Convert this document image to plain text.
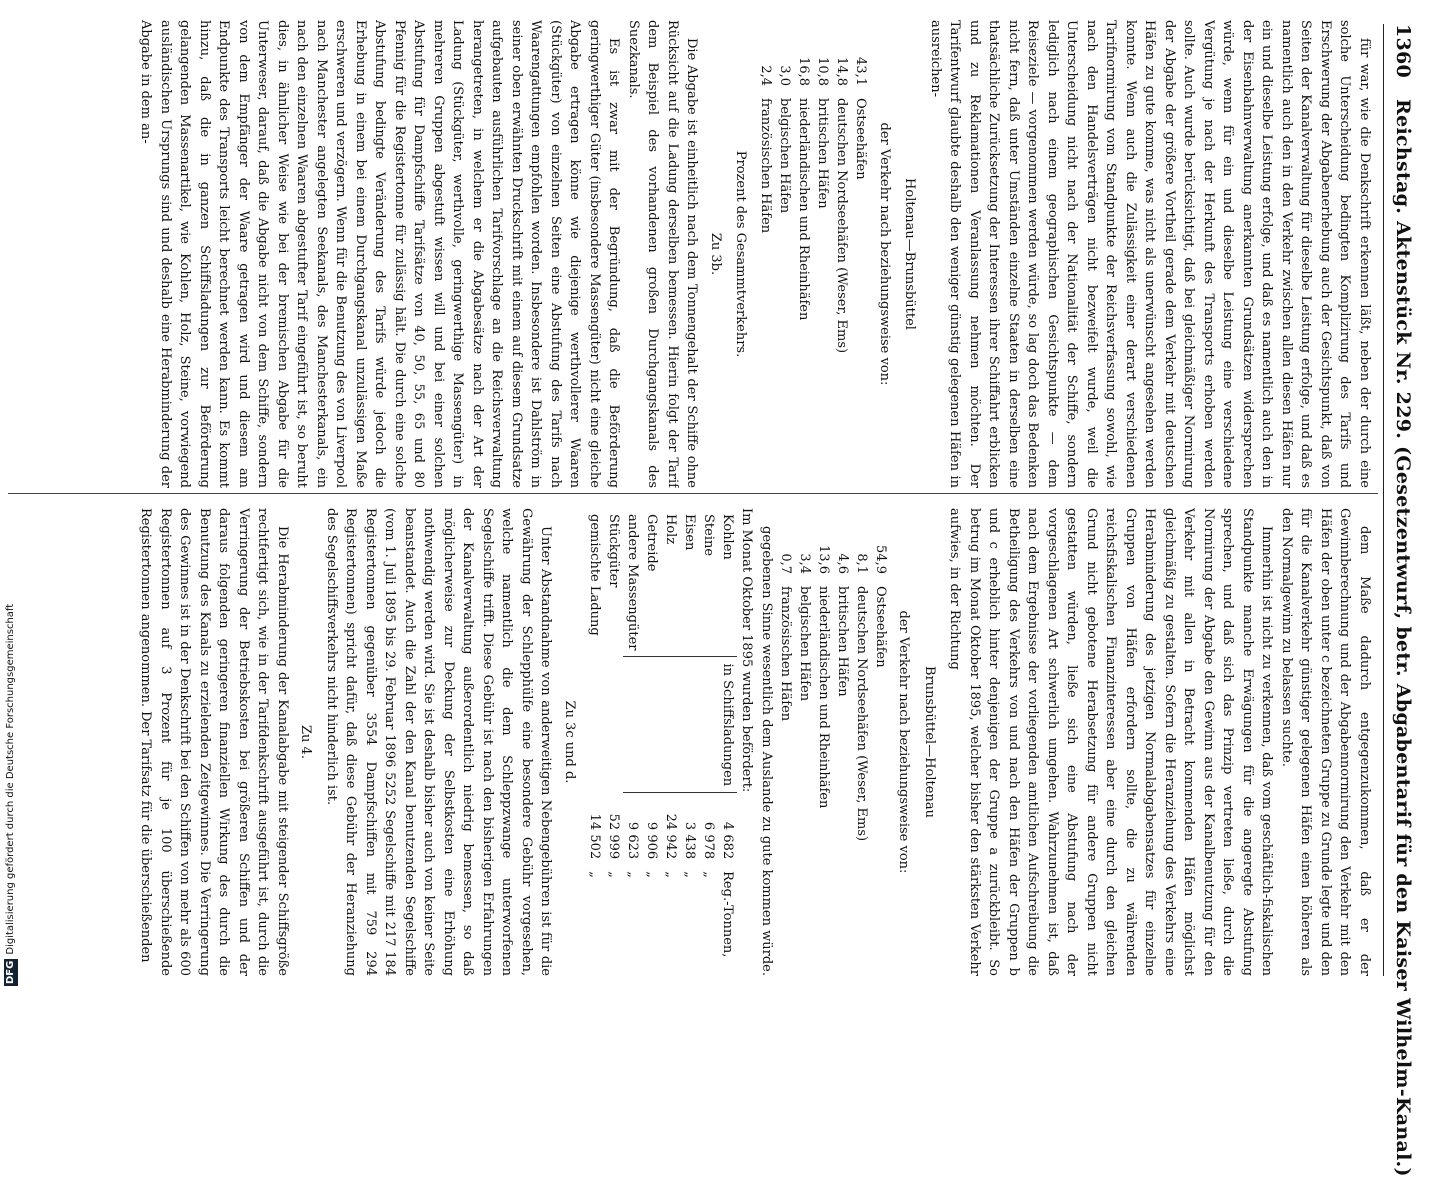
1360 Reichstag. Aktenstück Nr. 229. (Gesetzentwurf, betr. Abgabentarif für den Kaiser Wilhelm-Kanal.)

für war, wie die Denkschrift erkennen läßt, neben der durch eine solche Unterscheidung bedingten Komplizirung des Tarifs und Erschwerung der Abgabenerhebung auch der Gesichtspunkt, daß von Seiten der Kanalverwaltung für dieselbe Leistung erfolge, und daß es namentlich auch den in den Verkehr zwischen allen diesen Häfen nur ein und dieselbe Leistung erfolge, und daß es namentlich auch den in der Eisenbahnverwaltung anerkannten Grundsätzen widersprechen würde, wenn für ein und dieselbe Leistung eine verschiedene Vergütung je nach der Herkunft des Transports erhoben werden sollte. Auch wurde berücksichtigt, daß bei gleichmäßiger Normirung der Abgabe der größere Vortheil gerade dem Verkehr mit deutschen Häfen zu gute komme, was nicht als unerwünscht angesehen werden konnte. Wenn auch die Zulässigkeit einer derart verschiedenen Tarifnormirung vom Standpunkte der Reichsverfassung sowohl, wie nach den Handelsverträgen nicht bezweifelt wurde, weil die Unterscheidung nicht nach der Nationalität der Schiffe, sondern lediglich nach einem geographischen Gesichtspunkte — dem Reiseziele — vorgenommen werden würde, so lag doch das Bedenken nicht fern, daß unter Umständen einzelne Staaten in derselben eine thatsächliche Zurücksetzung der Interessen ihrer Schiffahrt erblicken und zu Reklamationen Veranlassung nehmen möchten. Der Tarifentwurf glaubte deshalb den weniger günstig gelegenen Häfen in ausreichen-

Holtenau—Brunsbüttel
der Verkehr nach beziehungsweise von:
43,1	Ostseehäfen
14,8	deutschen Nordseehäfen (Weser, Ems)
10,8	britischen Häfen
16,8	niederländischen und Rheinhäfen
3,0	belgischen Häfen
2,4	französischen Häfen
Prozent des Gesammtverkehrs.
Zu 3b.

Die Abgabe ist einheitlich nach dem Tonnengehalt der Schiffe ohne Rücksicht auf die Ladung derselben bemessen. Hierin folgt der Tarif dem Beispiel des vorhandenen großen Durchgangskanals des Suezkanals.

Es ist zwar mit der Begründung, daß die Beförderung geringwerthiger Güter (insbesondere Massengüter) nicht eine gleiche Abgabe ertragen könne wie diejenige werthvollerer Waaren (Stückgüter) von einzelnen Seiten eine Abstufung des Tarifs nach Waarengattungen empfohlen worden. Insbesondere ist Dahlström in seiner oben erwähnten Druckschrift mit einem auf diesem Grundsatze aufgebauten ausführlichen Tarifvorschlage an die Reichsverwaltung herangetreten, in welchem er die Abgabesätze nach der Art der Ladung (Stückgüter, werthvolle, geringwerthige Massengüter) in mehreren Gruppen abgestuft wissen will und bei einer solchen Abstufung für Dampfschiffe Tarifsätze von 40, 50, 55, 65 und 80 Pfennig für die Registertonne für zulässig hält. Die durch eine solche Abstufung bedingte Veränderung des Tarifs würde jedoch die Erhebung in einem bei einem Durchgangskanal unzulässigen Maße erschweren und verzögern. Wenn für die Benutzung des von Liverpool nach Manchester angelegten Seekanals, des Manchesterkanals, ein nach den einzelnen Waaren abgestufter Tarif eingeführt ist, so beruht dies, in ähnlicher Weise wie bei der bremischen Abgabe für die Unterweser, darauf, daß die Abgabe nicht von dem Schiffe, sondern von dem Empfänger der Waare getragen wird und diesem am Endpunkte des Transports leicht berechnet werden kann. Es kommt hinzu, daß die in ganzen Schiffsladungen zur Beförderung gelangenden Massenartikel, wie Kohlen, Holz, Steine, vorwiegend ausländischen Ursprungs sind und deshalb eine Herabminderung der Abgabe in dem an-

dem Maße dadurch entgegenzukommen, daß er der Gewinnberechnung und der Abgabennormirung den Verkehr mit den Häfen der oben unter c bezeichneten Gruppe zu Grunde legte und den für die Kanalverkehr günstiger gelegenen Häfen einen höheren als den Normalgewinn zu belassen suchte.

Immerhin ist nicht zu verkennen, daß vom geschäftlich-fiskalischen Standpunkte manche Erwägungen für die angeregte Abstufung sprechen, und daß sich das Prinzip vertreten ließe, durch die Normirung der Abgabe den Gewinn aus der Kanalbenutzung für den Verkehr mit allen in Betracht kommenden Häfen möglichst gleichmäßig zu gestalten. Sofern die Heranziehung des Verkehrs eine Herabminderung des jetzigen Normalabgabensatzes für einzelne Gruppen von Häfen erfordern sollte, die zu währenden reichsfiskalischen Finanzinteressen aber eine durch den gleichen Grund nicht gebotene Herabsetzung für andere Gruppen nicht gestatten würden, ließe sich eine Abstufung nach der vorgeschlagenen Art schwerlich umgehen. Wahrzunehmen ist, daß nach dem Ergebnisse der vorliegenden amtlichen Aufschreibung die Betheiligung des Verkehrs von und nach den Häfen der Gruppen b und c erheblich hinter denjenigen der Gruppe a zurückbleibt. So betrug im Monat Oktober 1895, welcher bisher den stärksten Verkehr aufwies, in der Richtung

Brunsbüttel—Holtenau
der Verkehr nach beziehungsweise von:
54,9	Ostseehäfen
8,1	deutschen Nordseehäfen (Weser, Ems)
4,6	britischen Häfen
13,6	niederländischen und Rheinhäfen
3,4	belgischen Häfen
0,7	französischen Häfen

gegebenen Sinne wesentlich dem Auslande zu gute kommen würde. Im Monat Oktober 1895 wurden befördert:

Kohlen	in Schiffsladungen	4 682	Reg.-Tonnen,
Steine		6 978	„
Eisen		3 438	„
Holz		24 942	„
Getreide		9 906	„
andere Massengüter		9 623	„
Stückgüter		52 999	„
gemischte Ladung		14 502	„
Zu 3c und d.

Unter Abstandnahme von anderweitigen Nebengebühren ist für die Gewährung der Schlepphülfe eine besondere Gebühr vorgesehen, welche namentlich die dem Schleppzwange unterworfenen Segelschiffe trifft. Diese Gebühr ist nach den bisherigen Erfahrungen der Kanalverwaltung außerordentlich niedrig bemessen, so daß möglicherweise zur Deckung der Selbstkosten eine Erhöhung nothwendig werden wird. Sie ist deshalb bisher auch von keiner Seite beanstandet. Auch die Zahl der den Kanal benutzenden Segelschiffe (vom 1. Juli 1895 bis 29. Februar 1896 5252 Segelschiffe mit 217 184 Registertonnen gegenüber 3554 Dampfschiffen mit 759 294 Registertonnen) spricht dafür, daß diese Gebühr der Heranziehung des Segelschiffsverkehrs nicht hinderlich ist.

Zu 4.

Die Herabminderung der Kanalabgabe mit steigender Schiffsgröße rechtfertigt sich, wie in der Tarifdenkschrift ausgeführt ist, durch die Verringerung der Betriebskosten bei größeren Schiffen und der daraus folgenden geringeren finanziellen Wirkung des durch die Benutzung des Kanals zu erzielenden Zeitgewinnes. Die Verringerung des Gewinnes ist in der Denkschrift bei den Schiffen von mehr als 600 Registertonnen auf 3 Prozent für je 100 überschießende Registertonnen angenommen. Der Tarifsatz für die überschießenden

DFGDigitalisierung gefördert durch die Deutsche Forschungsgemeinschaft
